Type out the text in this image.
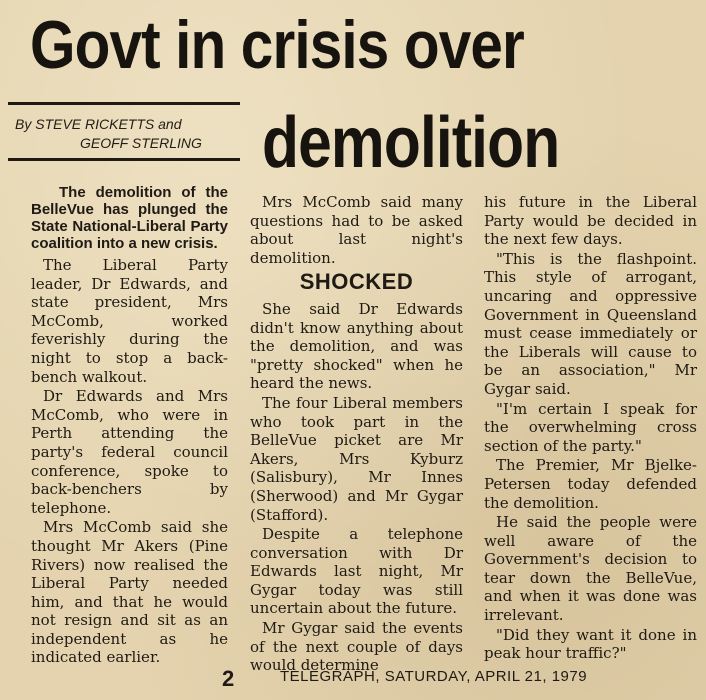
Govt in crisis over
By STEVE RICKETTS and
GEOFF STERLING demolition

The demolition of the BelleVue has plunged the State National-Liberal Party coalition into a new crisis.

The Liberal Party leader, Dr Edwards, and state president, Mrs McComb, worked feverishly during the night to stop a back-bench walkout.

Dr Edwards and Mrs McComb, who were in Perth attending the party's federal council conference, spoke to back-benchers by telephone.

Mrs McComb said she thought Mr Akers (Pine Rivers) now realised the Liberal Party needed him, and that he would not resign and sit as an independent as he indicated earlier.

Mrs McComb said many questions had to be asked about last night's demolition.

SHOCKED

She said Dr Edwards didn't know anything about the demolition, and was "pretty shocked" when he heard the news.

The four Liberal members who took part in the BelleVue picket are Mr Akers, Mrs Kyburz (Salisbury), Mr Innes (Sherwood) and Mr Gygar (Stafford).

Despite a telephone conversation with Dr Edwards last night, Mr Gygar today was still uncertain about the future.

Mr Gygar said the events of the next couple of days would determine

his future in the Liberal Party would be decided in the next few days.

"This is the flashpoint. This style of arrogant, uncaring and oppressive Government in Queensland must cease immediately or the Liberals will cause to be an association," Mr Gygar said.

"I'm certain I speak for the overwhelming cross section of the party."

The Premier, Mr Bjelke-Petersen today defended the demolition.

He said the people were well aware of the Government's decision to tear down the BelleVue, and when it was done was irrelevant.

"Did they want it done in peak hour traffic?"

2	TELEGRAPH, SATURDAY, APRIL 21, 1979
